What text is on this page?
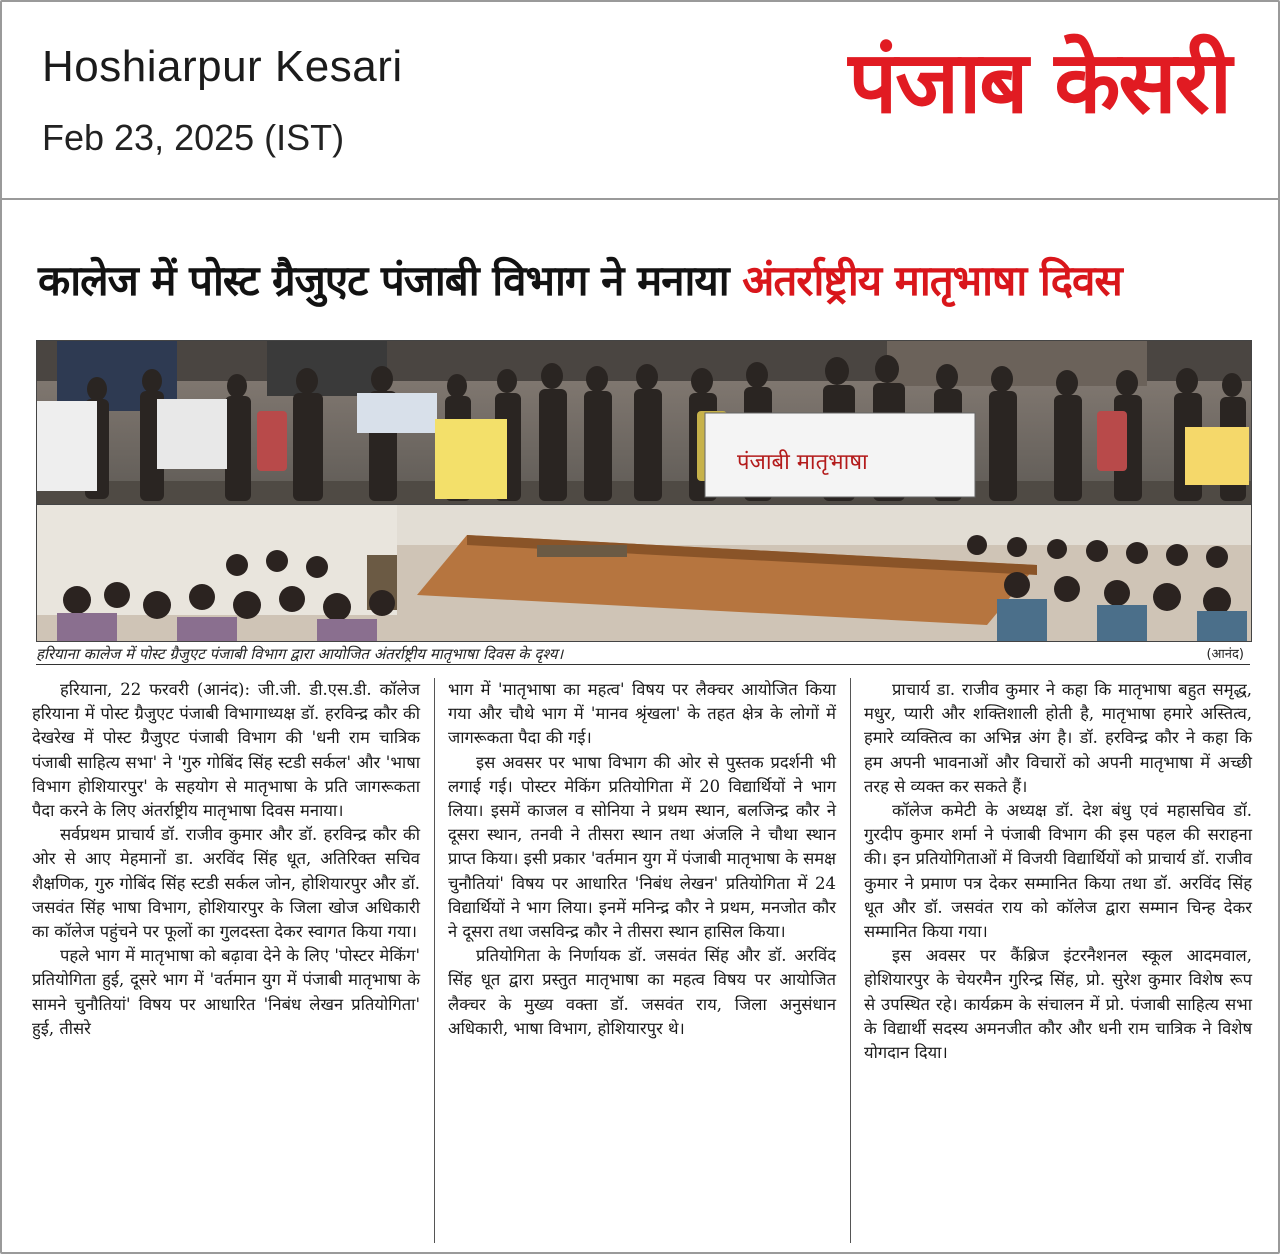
Hoshiarpur Kesari
Feb 23, 2025 (IST)
पंजाब केसरी
कालेज में पोस्ट ग्रैजुएट पंजाबी विभाग ने मनाया अंतर्राष्ट्रीय मातृभाषा दिवस
पंजाबी मातृभाषा
हरियाना कालेज में पोस्ट ग्रैजुएट पंजाबी विभाग द्वारा आयोजित अंतर्राष्ट्रीय मातृभाषा दिवस के दृश्य।	(आनंद)

हरियाना, 22 फरवरी (आनंद): जी.जी. डी.एस.डी. कॉलेज हरियाना में पोस्ट ग्रैजुएट पंजाबी विभागाध्यक्ष डॉ. हरविन्द्र कौर की देखरेख में पोस्ट ग्रैजुएट पंजाबी विभाग की 'धनी राम चात्रिक पंजाबी साहित्य सभा' ने 'गुरु गोबिंद सिंह स्टडी सर्कल' और 'भाषा विभाग होशियारपुर' के सहयोग से मातृभाषा के प्रति जागरूकता पैदा करने के लिए अंतर्राष्ट्रीय मातृभाषा दिवस मनाया।

सर्वप्रथम प्राचार्य डॉ. राजीव कुमार और डॉ. हरविन्द्र कौर की ओर से आए मेहमानों डा. अरविंद सिंह धूत, अतिरिक्त सचिव शैक्षणिक, गुरु गोबिंद सिंह स्टडी सर्कल जोन, होशियारपुर और डॉ. जसवंत सिंह भाषा विभाग, होशियारपुर के जिला खोज अधिकारी का कॉलेज पहुंचने पर फूलों का गुलदस्ता देकर स्वागत किया गया।

पहले भाग में मातृभाषा को बढ़ावा देने के लिए 'पोस्टर मेकिंग' प्रतियोगिता हुई, दूसरे भाग में 'वर्तमान युग में पंजाबी मातृभाषा के सामने चुनौतियां' विषय पर आधारित 'निबंध लेखन प्रतियोगिता' हुई, तीसरे

भाग में 'मातृभाषा का महत्व' विषय पर लैक्चर आयोजित किया गया और चौथे भाग में 'मानव श्रृंखला' के तहत क्षेत्र के लोगों में जागरूकता पैदा की गई।

इस अवसर पर भाषा विभाग की ओर से पुस्तक प्रदर्शनी भी लगाई गई। पोस्टर मेकिंग प्रतियोगिता में 20 विद्यार्थियों ने भाग लिया। इसमें काजल व सोनिया ने प्रथम स्थान, बलजिन्द्र कौर ने दूसरा स्थान, तनवी ने तीसरा स्थान तथा अंजलि ने चौथा स्थान प्राप्त किया। इसी प्रकार 'वर्तमान युग में पंजाबी मातृभाषा के समक्ष चुनौतियां' विषय पर आधारित 'निबंध लेखन' प्रतियोगिता में 24 विद्यार्थियों ने भाग लिया। इनमें मनिन्द्र कौर ने प्रथम, मनजोत कौर ने दूसरा तथा जसविन्द्र कौर ने तीसरा स्थान हासिल किया।

प्रतियोगिता के निर्णायक डॉ. जसवंत सिंह और डॉ. अरविंद सिंह धूत द्वारा प्रस्तुत मातृभाषा का महत्व विषय पर आयोजित लैक्चर के मुख्य वक्ता डॉ. जसवंत राय, जिला अनुसंधान अधिकारी, भाषा विभाग, होशियारपुर थे।

प्राचार्य डा. राजीव कुमार ने कहा कि मातृभाषा बहुत समृद्ध, मधुर, प्यारी और शक्तिशाली होती है, मातृभाषा हमारे अस्तित्व, हमारे व्यक्तित्व का अभिन्न अंग है। डॉ. हरविन्द्र कौर ने कहा कि हम अपनी भावनाओं और विचारों को अपनी मातृभाषा में अच्छी तरह से व्यक्त कर सकते हैं।

कॉलेज कमेटी के अध्यक्ष डॉ. देश बंधु एवं महासचिव डॉ. गुरदीप कुमार शर्मा ने पंजाबी विभाग की इस पहल की सराहना की। इन प्रतियोगिताओं में विजयी विद्यार्थियों को प्राचार्य डॉ. राजीव कुमार ने प्रमाण पत्र देकर सम्मानित किया तथा डॉ. अरविंद सिंह धूत और डॉ. जसवंत राय को कॉलेज द्वारा सम्मान चिन्ह देकर सम्मानित किया गया।

इस अवसर पर कैंब्रिज इंटरनैशनल स्कूल आदमवाल, होशियारपुर के चेयरमैन गुरिन्द्र सिंह, प्रो. सुरेश कुमार विशेष रूप से उपस्थित रहे। कार्यक्रम के संचालन में प्रो. पंजाबी साहित्य सभा के विद्यार्थी सदस्य अमनजीत कौर और धनी राम चात्रिक ने विशेष योगदान दिया।
